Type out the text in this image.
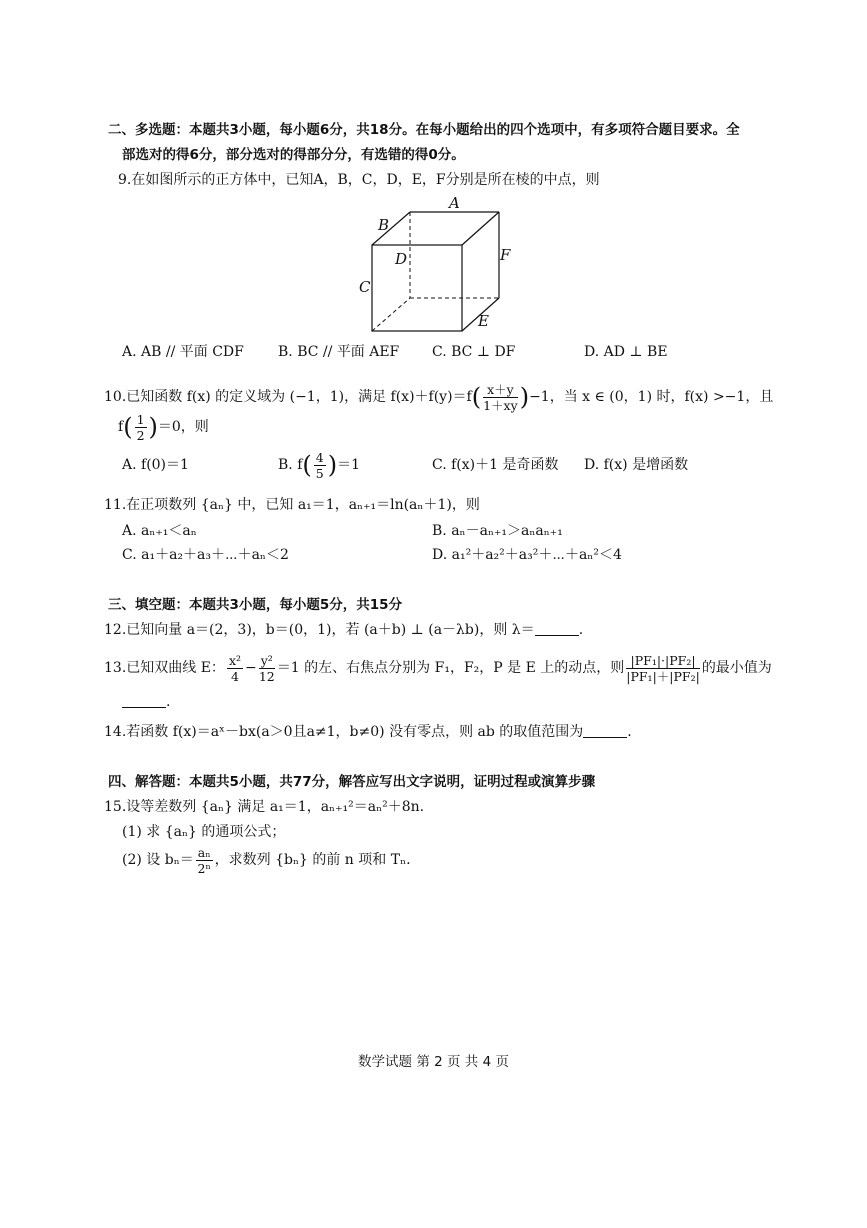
二、多选题：本题共3小题，每小题6分，共18分。在每小题给出的四个选项中，有多项符合题目要求。全
部选对的得6分，部分选对的得部分分，有选错的得0分。
9.在如图所示的正方体中，已知A，B，C，D，E，F分别是所在棱的中点，则
A
B
D	F
C
E
A. AB // 平面 CDF B. BC // 平面 AEF C. BC ⊥ DF	D. AD ⊥ BE
10.已知函数 f(x) 的定义域为 (−1，1)，满足 $f(x)+f(y)=f( \frac{x+y}{1+xy} )-1$，当 x ∈ (0，1) 时，f(x) >−1，且
$f( \frac{1}{2} )=0$，则
A. f(0)＝1	B. $f( \frac{4}{5} )=1$	C. f(x)＋1 是奇函数 D. f(x) 是增函数
11.在正项数列 {aₙ} 中，已知 a₁＝1，aₙ₊₁＝ln(aₙ＋1)，则
A. aₙ₊₁＜aₙ	B. aₙ－aₙ₊₁＞aₙaₙ₊₁
C. a₁＋a₂＋a₃＋⋯＋aₙ＜2	D. a₁²＋a₂²＋a₃²＋⋯＋aₙ²＜4
三、填空题：本题共3小题，每小题5分，共15分
12.已知向量 a＝(2，3)，b＝(0，1)，若 (a＋b) ⊥ (a－λb)，则 λ＝	.
13.已知双曲线 E： $\frac{\text{x²}}{4} - \frac{\text{y²}}{12} =1$ 的左、右焦点分别为 F₁，F₂，P 是 E 上的动点，则 $\frac{\text{|PF₁|·|PF₂|}}{\text{|PF₁|＋|PF₂|}}$ 的最小值为
.
14.若函数 f(x)＝aˣ－bx(a＞0且a≠1，b≠0) 没有零点，则 ab 的取值范围为	.
四、解答题：本题共5小题，共77分，解答应写出文字说明，证明过程或演算步骤
15.设等差数列 {aₙ} 满足 a₁＝1，aₙ₊₁²＝aₙ²＋8n.
(1) 求 {aₙ} 的通项公式；
(2) 设 $b_n= \frac{\text{aₙ}}{\text{2ⁿ}}$ ，求数列 {bₙ} 的前 n 项和 Tₙ.
数学试题 第 2 页 共 4 页
